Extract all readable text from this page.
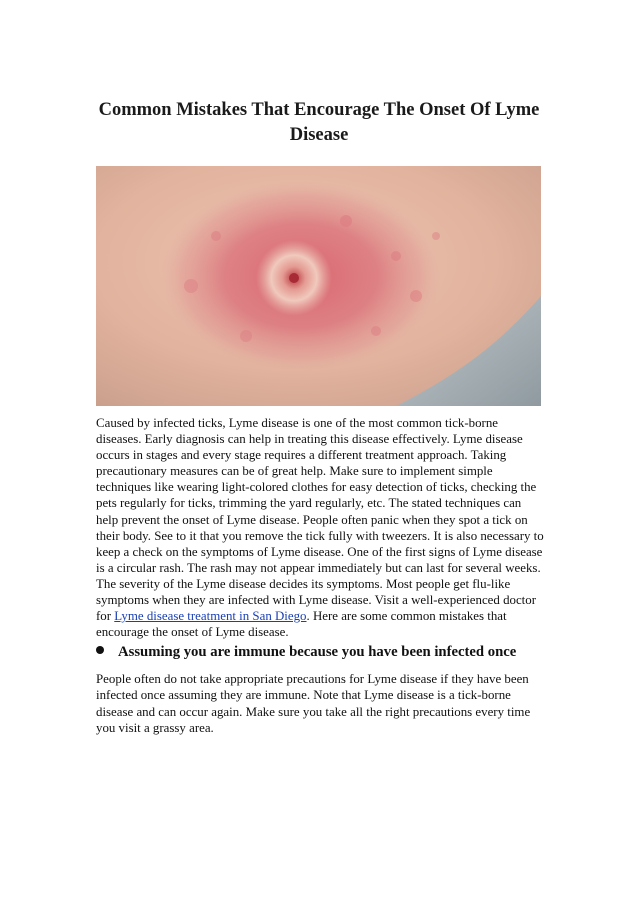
Common Mistakes That Encourage The Onset Of Lyme Disease
Caused by infected ticks, Lyme disease is one of the most common tick-borne diseases. Early diagnosis can help in treating this disease effectively. Lyme disease occurs in stages and every stage requires a different treatment approach. Taking precautionary measures can be of great help. Make sure to implement simple techniques like wearing light-colored clothes for easy detection of ticks, checking the pets regularly for ticks, trimming the yard regularly, etc. The stated techniques can help prevent the onset of Lyme disease. People often panic when they spot a tick on their body. See to it that you remove the tick fully with tweezers. It is also necessary to keep a check on the symptoms of Lyme disease. One of the first signs of Lyme disease is a circular rash. The rash may not appear immediately but can last for several weeks. The severity of the Lyme disease decides its symptoms. Most people get flu-like symptoms when they are infected with Lyme disease. Visit a well-experienced doctor for Lyme disease treatment in San Diego. Here are some common mistakes that encourage the onset of Lyme disease.
Assuming you are immune because you have been infected once
People often do not take appropriate precautions for Lyme disease if they have been infected once assuming they are immune. Note that Lyme disease is a tick-borne disease and can occur again. Make sure you take all the right precautions every time you visit a grassy area.
